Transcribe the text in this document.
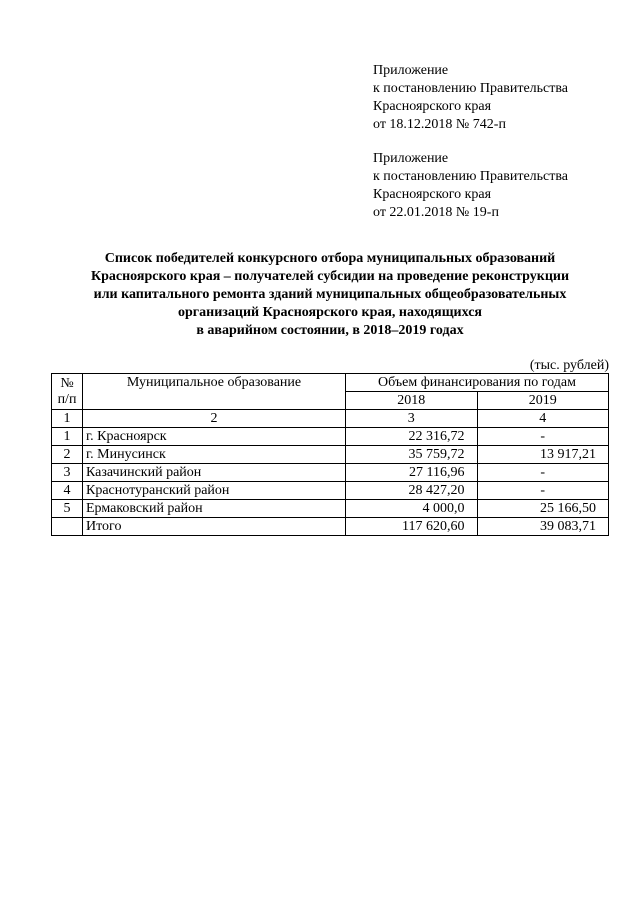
Приложение
к постановлению Правительства
Красноярского края
от 18.12.2018 № 742-п
Приложение
к постановлению Правительства
Красноярского края
от 22.01.2018 № 19-п
Список победителей конкурсного отбора муниципальных образований
Красноярского края – получателей субсидии на проведение реконструкции
или капитального ремонта зданий муниципальных общеобразовательных
организаций Красноярского края, находящихся
в аварийном состоянии, в 2018–2019 годах
(тыс. рублей)
№
п/п	Муниципальное образование	Объем финансирования по годам	
		2018	2019
1	2	3	4
1	г. Красноярск	22 316,72	-
2	г. Минусинск	35 759,72	13 917,21
3	Казачинский район	27 116,96	-
4	Краснотуранский район	28 427,20	-
5	Ермаковский район	4 000,0	25 166,50
	Итого	117 620,60	39 083,71
